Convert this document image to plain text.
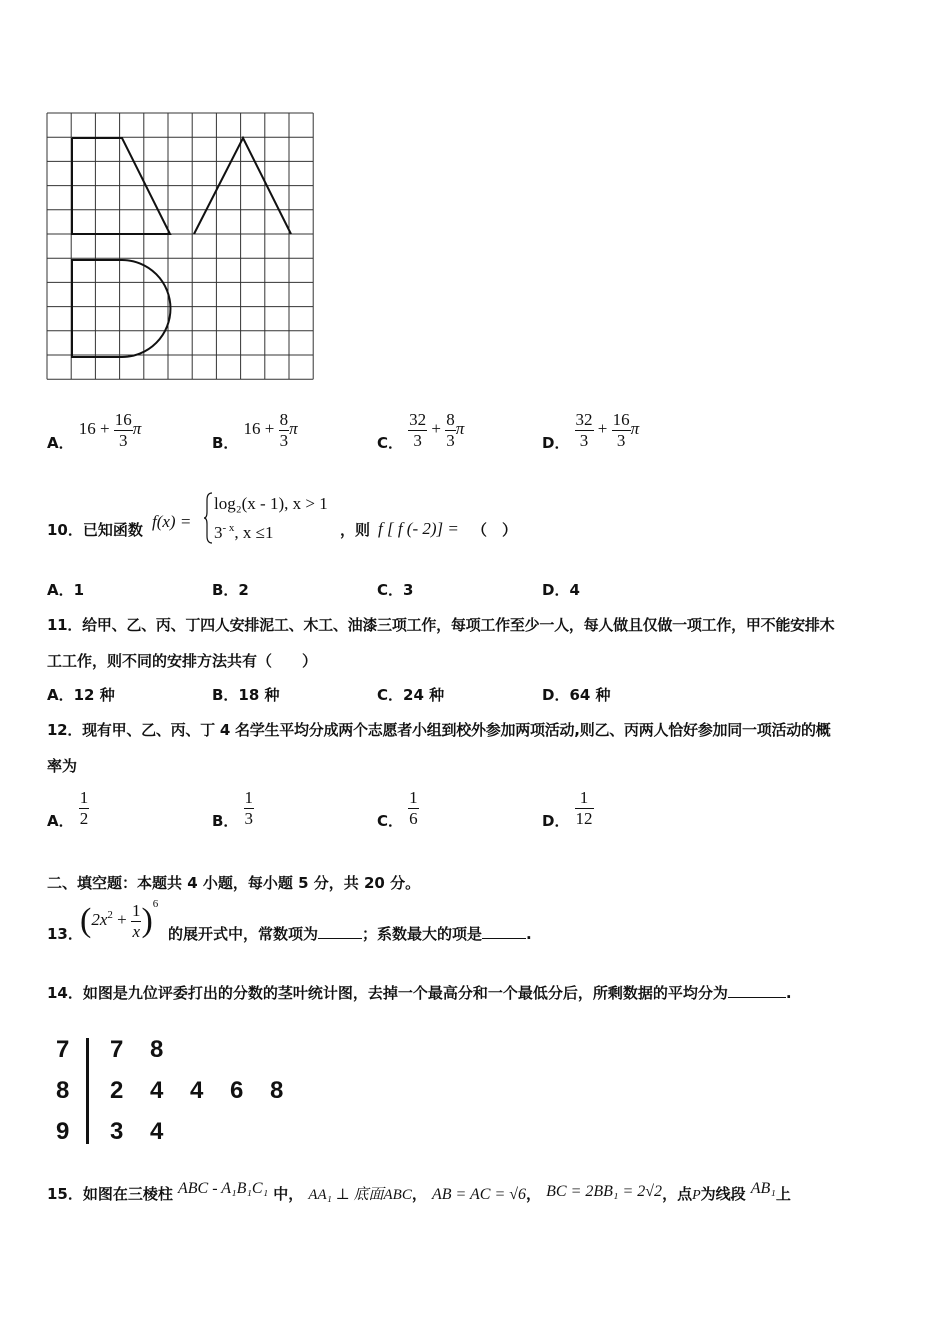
A． $16 + \frac{16}{3}$ π
B． $16 + \frac{8}{3}$ π
C． $\frac{32}{3} + \frac{8}{3}$ π
D． $\frac{32}{3} + \frac{16}{3}$ π
10．已知函数 f(x) =
log₂(x - 1), x > 1
$3^{- x}$, x ≤1	，则 f [ f (- 2)] = （　）
A．1	B．2	C．3	D．4
11．给甲、乙、丙、丁四人安排泥工、木工、油漆三项工作，每项工作至少一人，每人做且仅做一项工作，甲不能安排木
工工作，则不同的安排方法共有（　　）
A．12 种	B．18 种	C．24 种	D．64 种
12．现有甲、乙、丙、丁 4 名学生平均分成两个志愿者小组到校外参加两项活动,则乙、丙两人恰好参加同一项活动的概
率为
A． $\frac{1}{2}$	B． $\frac{1}{3}$	C． $\frac{1}{6}$	D． $\frac{1}{12}$
二、填空题：本题共 4 小题，每小题 5 分，共 20 分。
13．
$(2x^2 + \frac{1}{x} )^6$
的展开式中，常数项为	；系数最大的项是	.
14．如图是九位评委打出的分数的茎叶统计图，去掉一个最高分和一个最低分后，所剩数据的平均分为	.
7 7 8
8 2 4 4 6 8
9 3 4
15．如图在三棱柱 ABC - A₁B₁C₁ 中， AA₁ ⊥ 底面ABC， AB = AC = √6， BC = 2BB₁ = 2√2，点P为线段 AB₁上
